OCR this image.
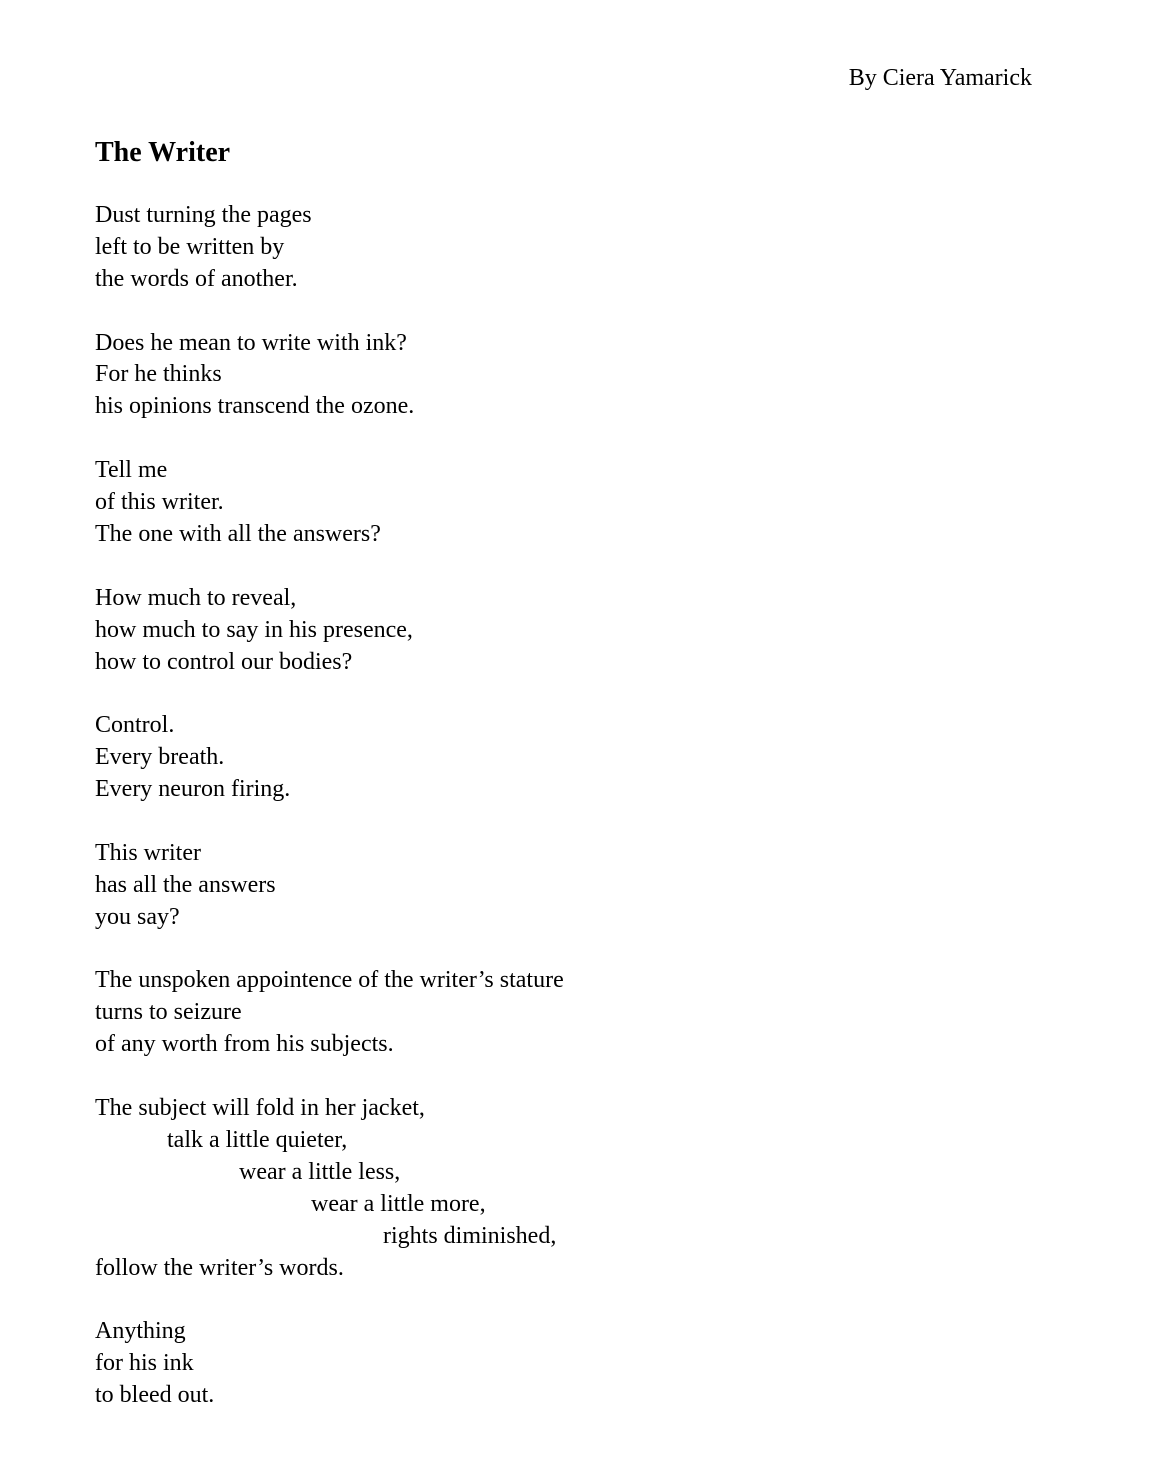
By Ciera Yamarick
The Writer
Dust turning the pages
left to be written by
the words of another.
Does he mean to write with ink?
For he thinks
his opinions transcend the ozone.
Tell me
of this writer.
The one with all the answers?
How much to reveal,
how much to say in his presence,
how to control our bodies?
Control.
Every breath.
Every neuron firing.
This writer
has all the answers
you say?
The unspoken appointence of the writer’s stature
turns to seizure
of any worth from his subjects.
The subject will fold in her jacket,
talk a little quieter,
wear a little less,
wear a little more,
rights diminished,
follow the writer’s words.
Anything
for his ink
to bleed out.
